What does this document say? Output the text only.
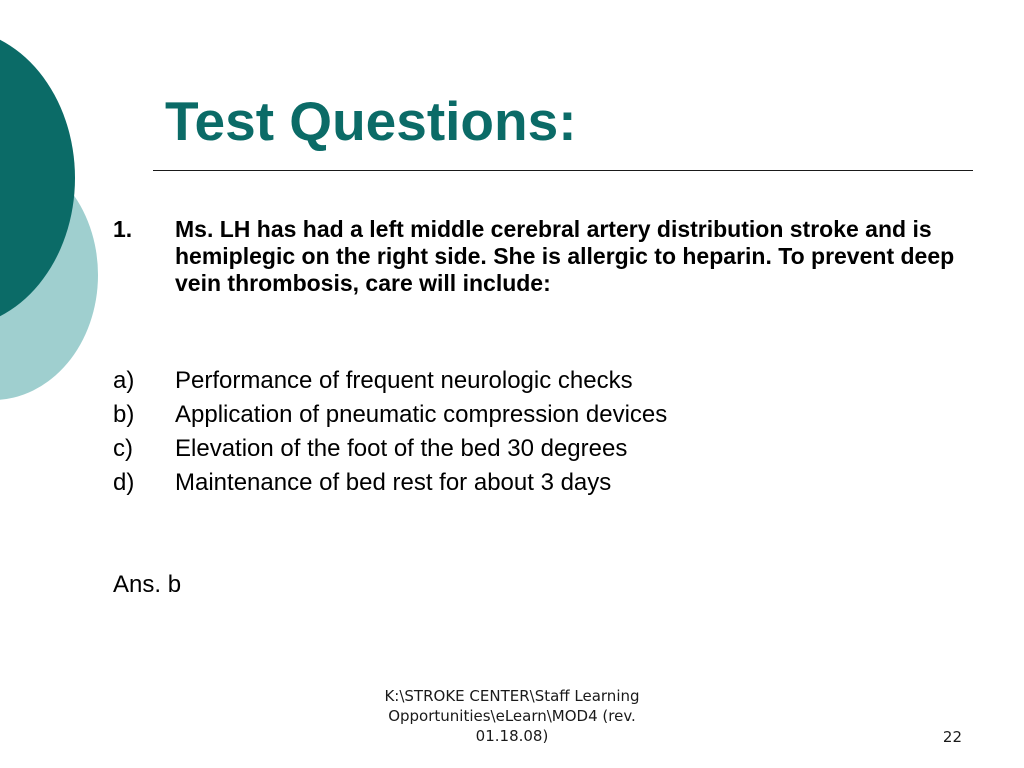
Test Questions:
1. Ms. LH has had a left middle cerebral artery distribution stroke and is hemiplegic on the right side. She is allergic to heparin. To prevent deep vein thrombosis, care will include:
a) Performance of frequent neurologic checks
b) Application of pneumatic compression devices
c) Elevation of the foot of the bed 30 degrees
d) Maintenance of bed rest for about 3 days
Ans. b
K:\STROKE CENTER\Staff Learning Opportunities\eLearn\MOD4 (rev. 01.18.08)	22
